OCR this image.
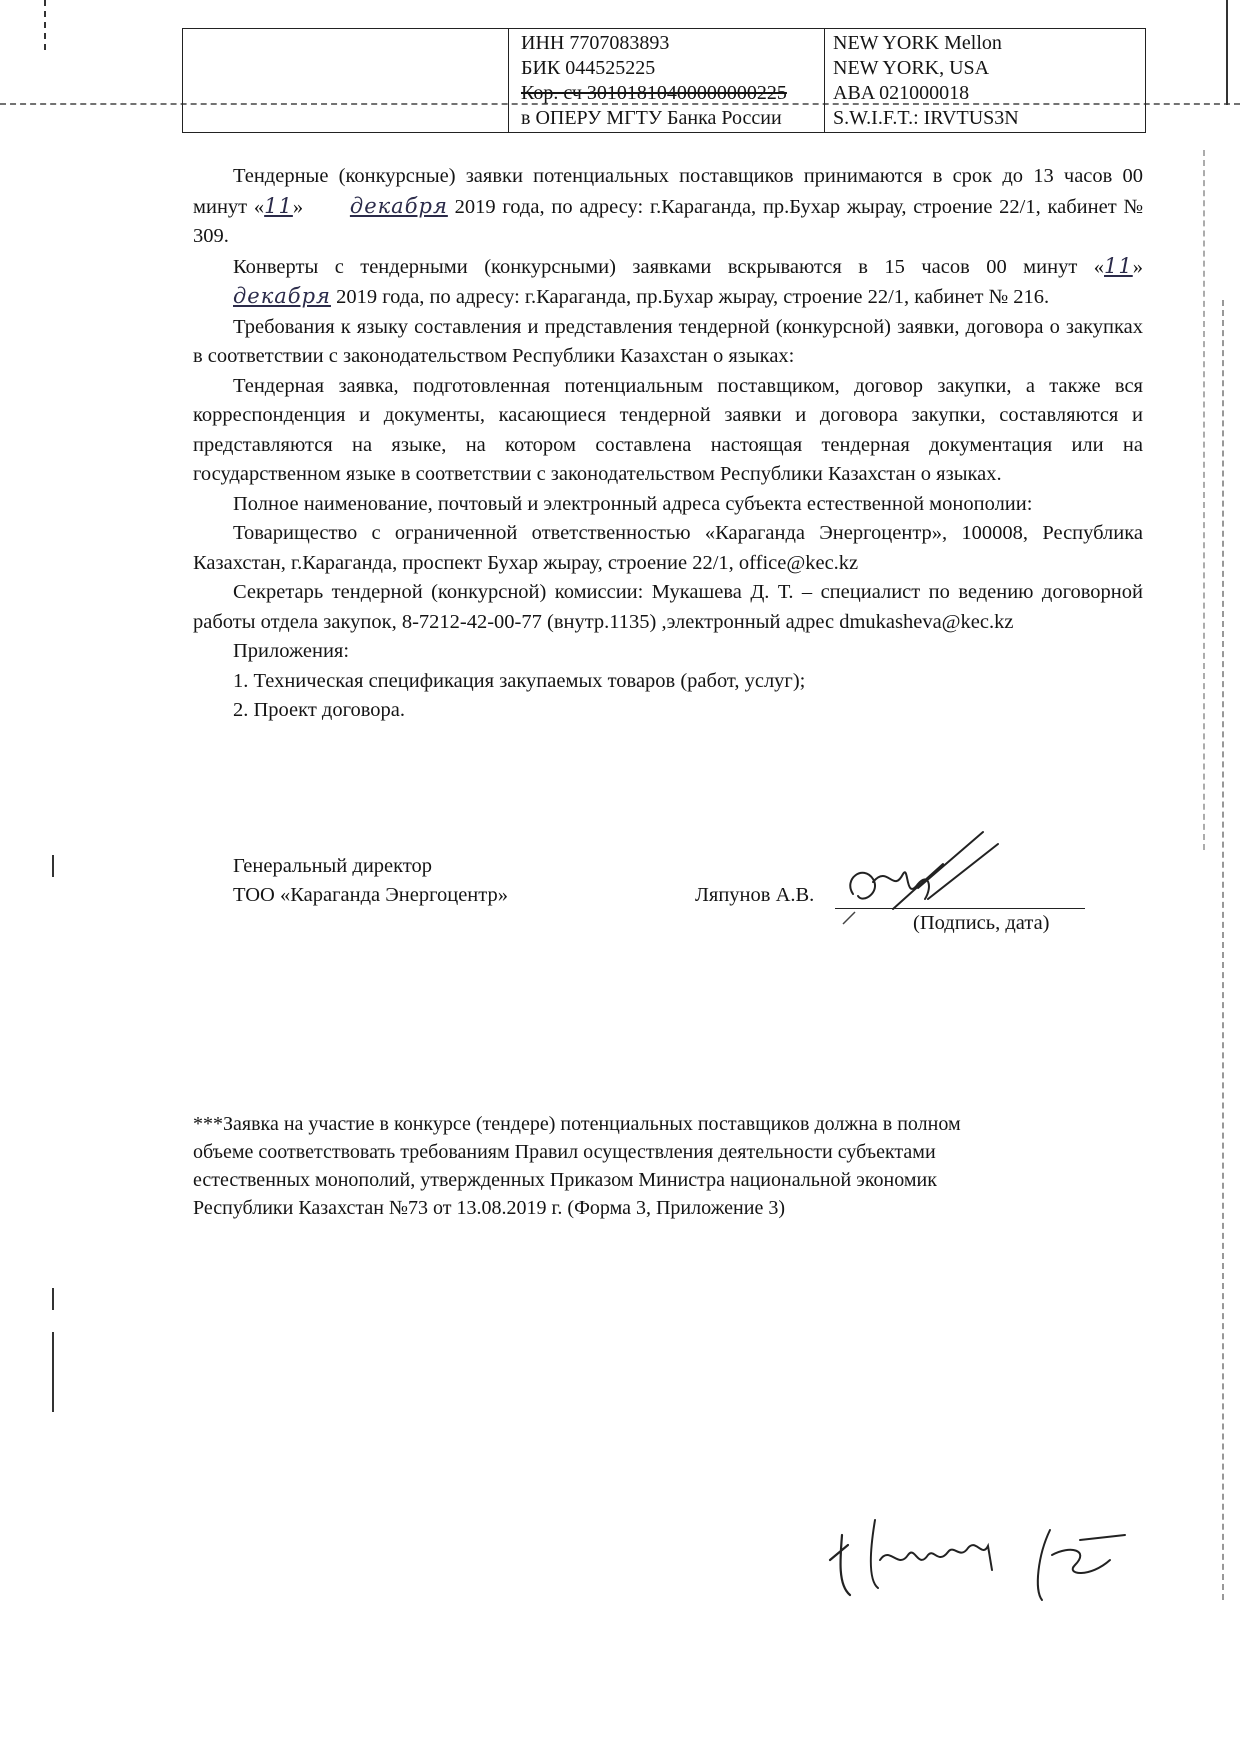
ИНН 7707083893
БИК 044525225
Кор. сч 30101810400000000225
в ОПЕРУ МГТУ Банка России
NEW YORK Mellon
NEW YORK, USA
ABA 021000018
S.W.I.F.T.: IRVTUS3N

Тендерные (конкурсные) заявки потенциальных поставщиков принимаются в срок до 13 часов 00 минут «11» декабря 2019 года, по адресу: г.Караганда, пр.Бухар жырау, строение 22/1, кабинет № 309.

Конверты с тендерными (конкурсными) заявками вскрываются в 15 часов 00 минут «11» декабря 2019 года, по адресу: г.Караганда, пр.Бухар жырау, строение 22/1, кабинет № 216.

Требования к языку составления и представления тендерной (конкурсной) заявки, договора о закупках в соответствии с законодательством Республики Казахстан о языках:

Тендерная заявка, подготовленная потенциальным поставщиком, договор закупки, а также вся корреспонденция и документы, касающиеся тендерной заявки и договора закупки, составляются и представляются на языке, на котором составлена настоящая тендерная документация или на государственном языке в соответствии с законодательством Республики Казахстан о языках.

Полное наименование, почтовый и электронный адреса субъекта естественной монополии:

Товарищество с ограниченной ответственностью «Караганда Энергоцентр», 100008, Республика Казахстан, г.Караганда, проспект Бухар жырау, строение 22/1, office@kec.kz

Секретарь тендерной (конкурсной) комиссии: Мукашева Д. Т. – специалист по ведению договорной работы отдела закупок, 8-7212-42-00-77 (внутр.1135) ,электронный адрес dmukasheva@kec.kz

Приложения:

1. Техническая спецификация закупаемых товаров (работ, услуг);

2. Проект договора.

Генеральный директор
ТОО «Караганда Энергоцентр»	Ляпунов А.В.
(Подпись, дата)

***Заявка на участие в конкурсе (тендере) потенциальных поставщиков должна в полном

объеме соответствовать требованиям Правил осуществления деятельности субъектами

естественных монополий, утвержденных Приказом Министра национальной экономик

Республики Казахстан №73 от 13.08.2019 г. (Форма 3, Приложение 3)
